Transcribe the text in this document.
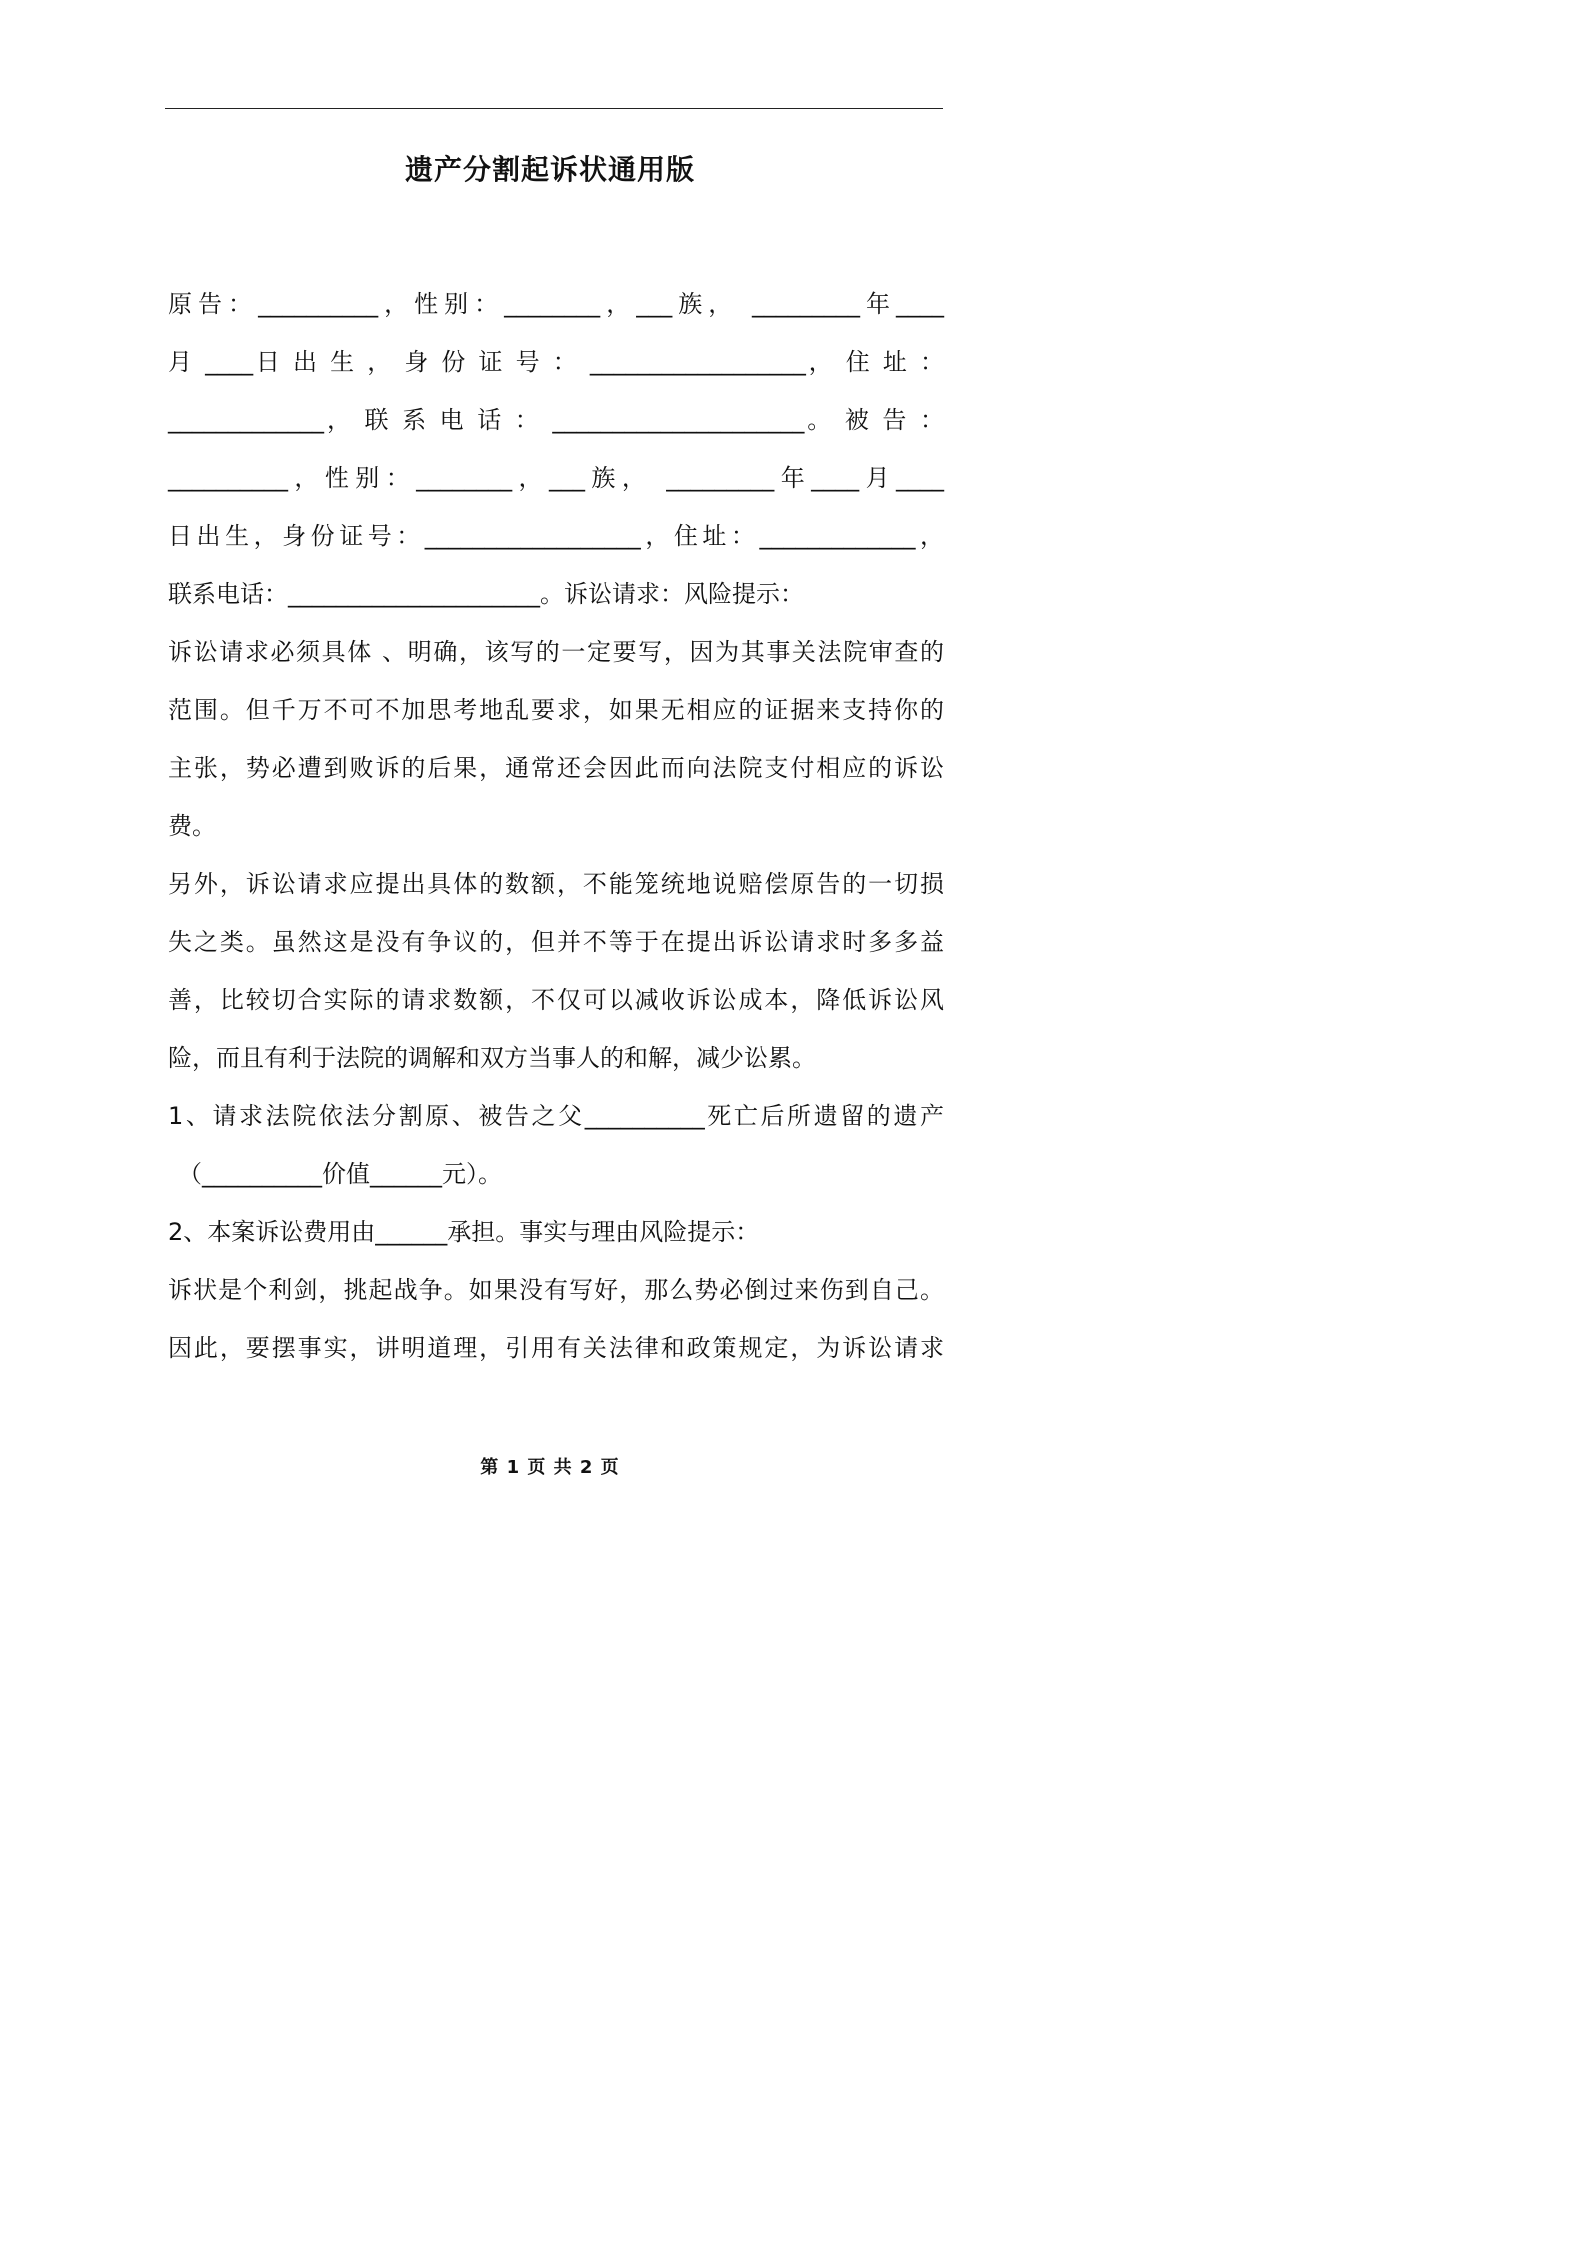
遗产分割起诉状通用版
原告：__________，性别：________，___族， _________年____
月 ____日 出 生 ， 身 份 证 号 ： __________________， 住 址 ：
_____________， 联 系 电 话 ： _____________________。 被 告 ：
__________，性别：________，___族， _________年____月____
日出生，身份证号：__________________，住址：_____________，
联系电话：_____________________。诉讼请求：风险提示：
诉讼请求必须具体 、明确，该写的一定要写，因为其事关法院审查的
范围。但千万不可不加思考地乱要求，如果无相应的证据来支持你的
主张，势必遭到败诉的后果，通常还会因此而向法院支付相应的诉讼
费。
另外，诉讼请求应提出具体的数额，不能笼统地说赔偿原告的一切损
失之类。虽然这是没有争议的，但并不等于在提出诉讼请求时多多益
善，比较切合实际的请求数额，不仅可以减收诉讼成本，降低诉讼风
险，而且有利于法院的调解和双方当事人的和解，减少讼累。
1、请求法院依法分割原、被告之父__________死亡后所遗留的遗产
（__________价值______元）。
2、本案诉讼费用由______承担。事实与理由风险提示：
诉状是个利剑，挑起战争。如果没有写好，那么势必倒过来伤到自己。
因此，要摆事实，讲明道理，引用有关法律和政策规定，为诉讼请求
第 1 页 共 2 页
